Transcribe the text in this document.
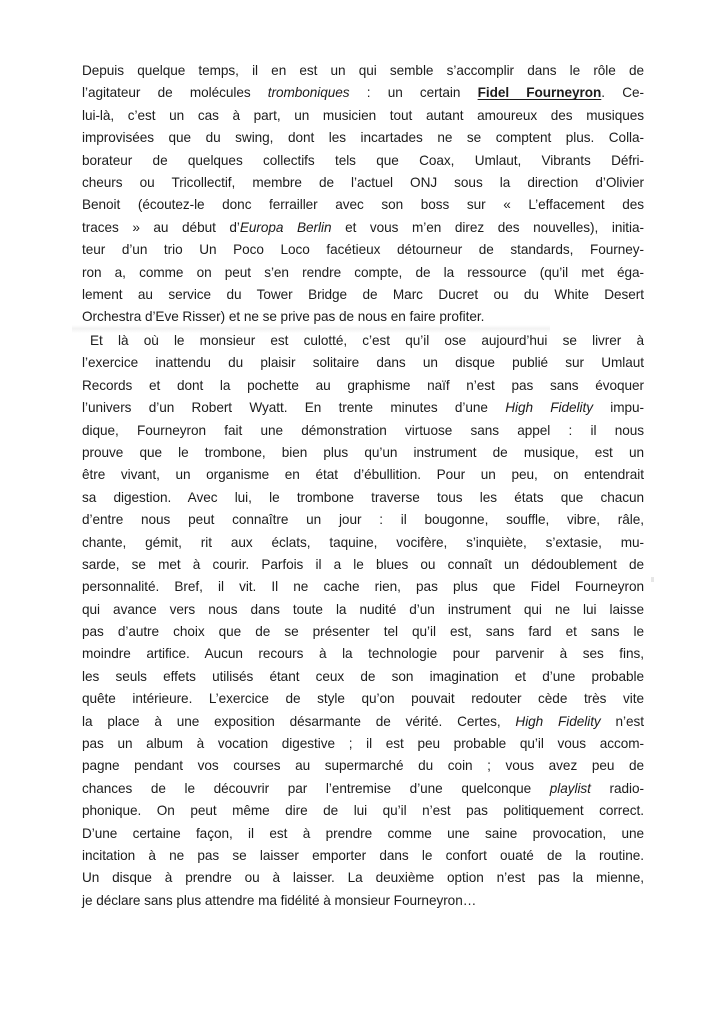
Depuis quelque temps, il en est un qui semble s’accomplir dans le rôle de
l’agitateur de molécules tromboniques : un certain Fidel Fourneyron. Ce-
lui-là, c’est un cas à part, un musicien tout autant amoureux des musiques
improvisées que du swing, dont les incartades ne se comptent plus. Colla-
borateur de quelques collectifs tels que Coax, Umlaut, Vibrants Défri-
cheurs ou Tricollectif, membre de l’actuel ONJ sous la direction d’Olivier
Benoit (écoutez-le donc ferrailler avec son boss sur « L’effacement des
traces » au début d’Europa Berlin et vous m’en direz des nouvelles), initia-
teur d’un trio Un Poco Loco facétieux détourneur de standards, Fourney-
ron a, comme on peut s’en rendre compte, de la ressource (qu’il met éga-
lement au service du Tower Bridge de Marc Ducret ou du White Desert
Orchestra d’Eve Risser) et ne se prive pas de nous en faire profiter.
Et là où le monsieur est culotté, c’est qu’il ose aujourd’hui se livrer à
l’exercice inattendu du plaisir solitaire dans un disque publié sur Umlaut
Records et dont la pochette au graphisme naïf n’est pas sans évoquer
l’univers d’un Robert Wyatt. En trente minutes d’une High Fidelity impu-
dique, Fourneyron fait une démonstration virtuose sans appel : il nous
prouve que le trombone, bien plus qu’un instrument de musique, est un
être vivant, un organisme en état d’ébullition. Pour un peu, on entendrait
sa digestion. Avec lui, le trombone traverse tous les états que chacun
d’entre nous peut connaître un jour : il bougonne, souffle, vibre, râle,
chante, gémit, rit aux éclats, taquine, vocifère, s’inquiète, s’extasie, mu-
sarde, se met à courir. Parfois il a le blues ou connaît un dédoublement de
personnalité. Bref, il vit. Il ne cache rien, pas plus que Fidel Fourneyron
qui avance vers nous dans toute la nudité d’un instrument qui ne lui laisse
pas d’autre choix que de se présenter tel qu’il est, sans fard et sans le
moindre artifice. Aucun recours à la technologie pour parvenir à ses fins,
les seuls effets utilisés étant ceux de son imagination et d’une probable
quête intérieure. L’exercice de style qu’on pouvait redouter cède très vite
la place à une exposition désarmante de vérité. Certes, High Fidelity n’est
pas un album à vocation digestive ; il est peu probable qu’il vous accom-
pagne pendant vos courses au supermarché du coin ; vous avez peu de
chances de le découvrir par l’entremise d’une quelconque playlist radio-
phonique. On peut même dire de lui qu’il n’est pas politiquement correct.
D’une certaine façon, il est à prendre comme une saine provocation, une
incitation à ne pas se laisser emporter dans le confort ouaté de la routine.
Un disque à prendre ou à laisser. La deuxième option n’est pas la mienne,
je déclare sans plus attendre ma fidélité à monsieur Fourneyron…
